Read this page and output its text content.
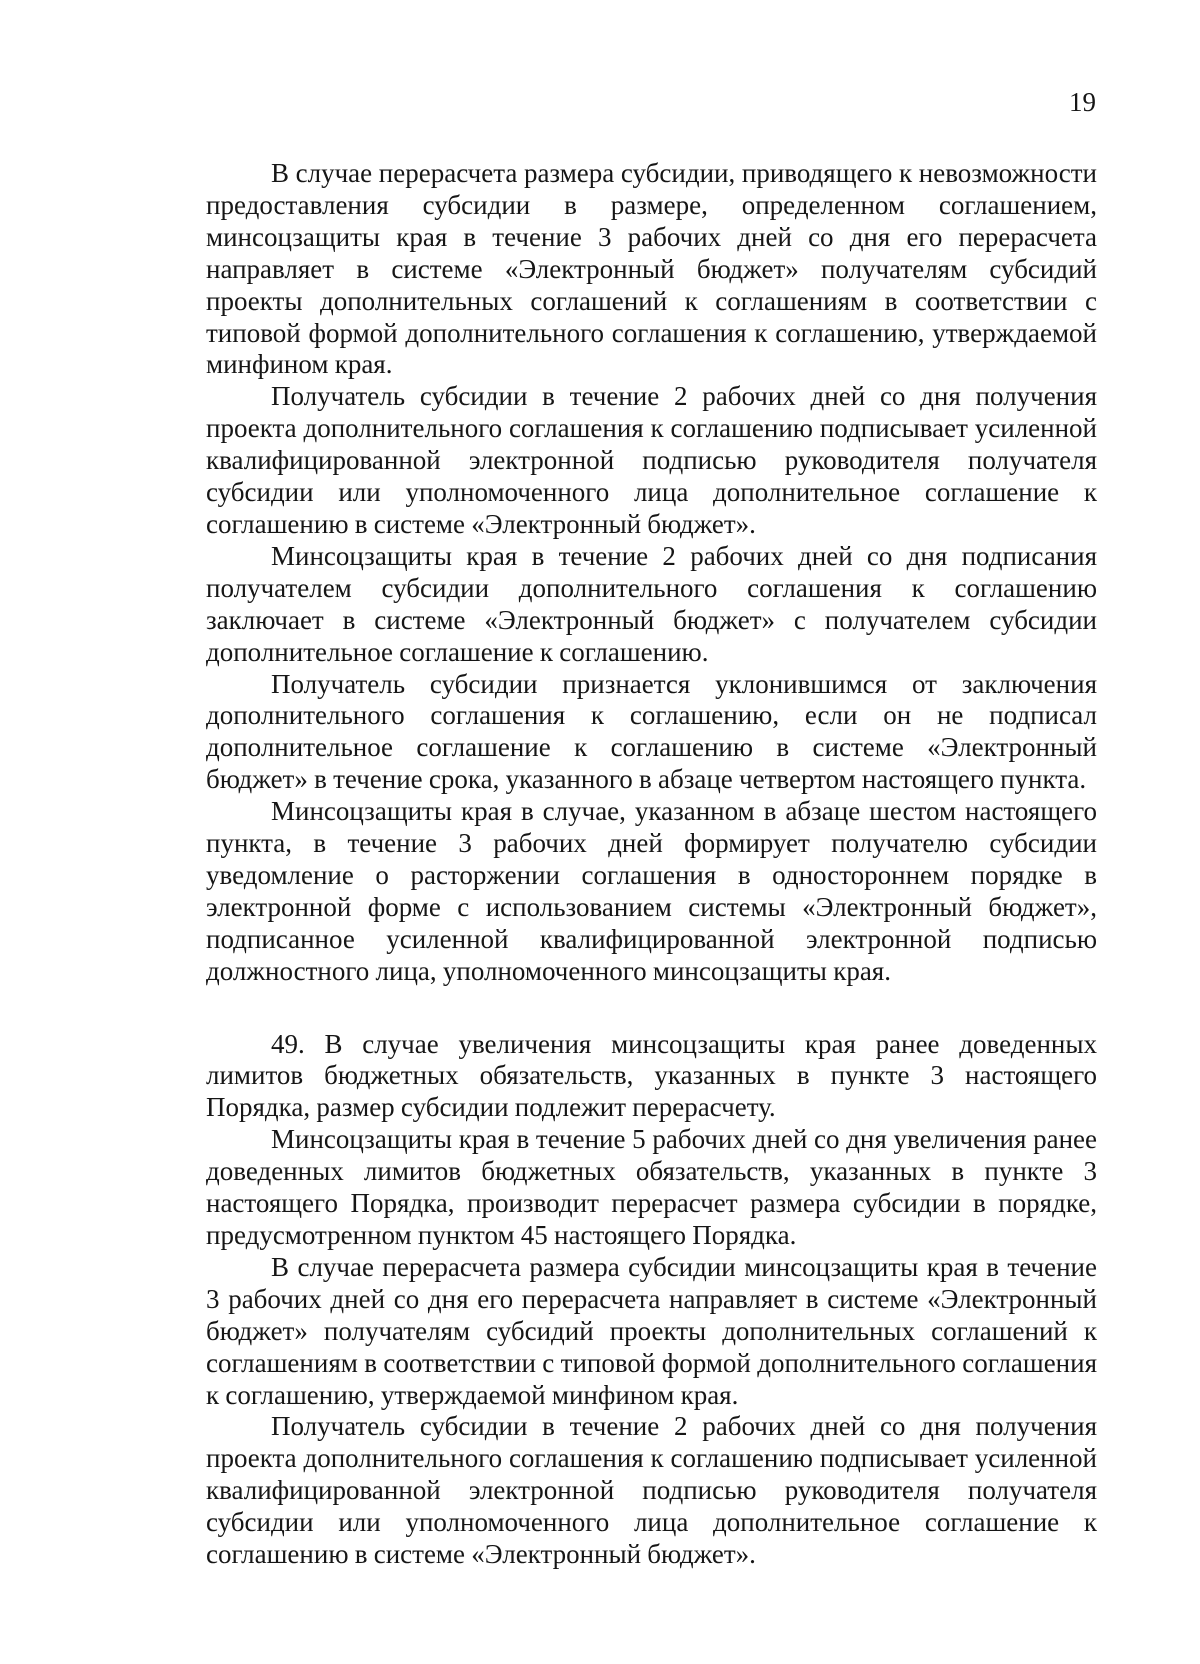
19

В случае перерасчета размера субсидии, приводящего к невозможности предоставления субсидии в размере, определенном соглашением, минсоцзащиты края в течение 3 рабочих дней со дня его перерасчета направляет в системе «Электронный бюджет» получателям субсидий проекты дополнительных соглашений к соглашениям в соответствии с типовой формой дополнительного соглашения к соглашению, утверждаемой минфином края.

Получатель субсидии в течение 2 рабочих дней со дня получения проекта дополнительного соглашения к соглашению подписывает усиленной квалифицированной электронной подписью руководителя получателя субсидии или уполномоченного лица дополнительное соглашение к соглашению в системе «Электронный бюджет».

Минсоцзащиты края в течение 2 рабочих дней со дня подписания получателем субсидии дополнительного соглашения к соглашению заключает в системе «Электронный бюджет» с получателем субсидии дополнительное соглашение к соглашению.

Получатель субсидии признается уклонившимся от заключения дополнительного соглашения к соглашению, если он не подписал дополнительное соглашение к соглашению в системе «Электронный бюджет» в течение срока, указанного в абзаце четвертом настоящего пункта.

Минсоцзащиты края в случае, указанном в абзаце шестом настоящего пункта, в течение 3 рабочих дней формирует получателю субсидии уведомление о расторжении соглашения в одностороннем порядке в электронной форме с использованием системы «Электронный бюджет», подписанное усиленной квалифицированной электронной подписью должностного лица, уполномоченного минсоцзащиты края.

49. В случае увеличения минсоцзащиты края ранее доведенных лимитов бюджетных обязательств, указанных в пункте 3 настоящего Порядка, размер субсидии подлежит перерасчету.

Минсоцзащиты края в течение 5 рабочих дней со дня увеличения ранее доведенных лимитов бюджетных обязательств, указанных в пункте 3 настоящего Порядка, производит перерасчет размера субсидии в порядке, предусмотренном пунктом 45 настоящего Порядка.

В случае перерасчета размера субсидии минсоцзащиты края в течение 3 рабочих дней со дня его перерасчета направляет в системе «Электронный бюджет» получателям субсидий проекты дополнительных соглашений к соглашениям в соответствии с типовой формой дополнительного соглашения к соглашению, утверждаемой минфином края.

Получатель субсидии в течение 2 рабочих дней со дня получения проекта дополнительного соглашения к соглашению подписывает усиленной квалифицированной электронной подписью руководителя получателя субсидии или уполномоченного лица дополнительное соглашение к соглашению в системе «Электронный бюджет».
